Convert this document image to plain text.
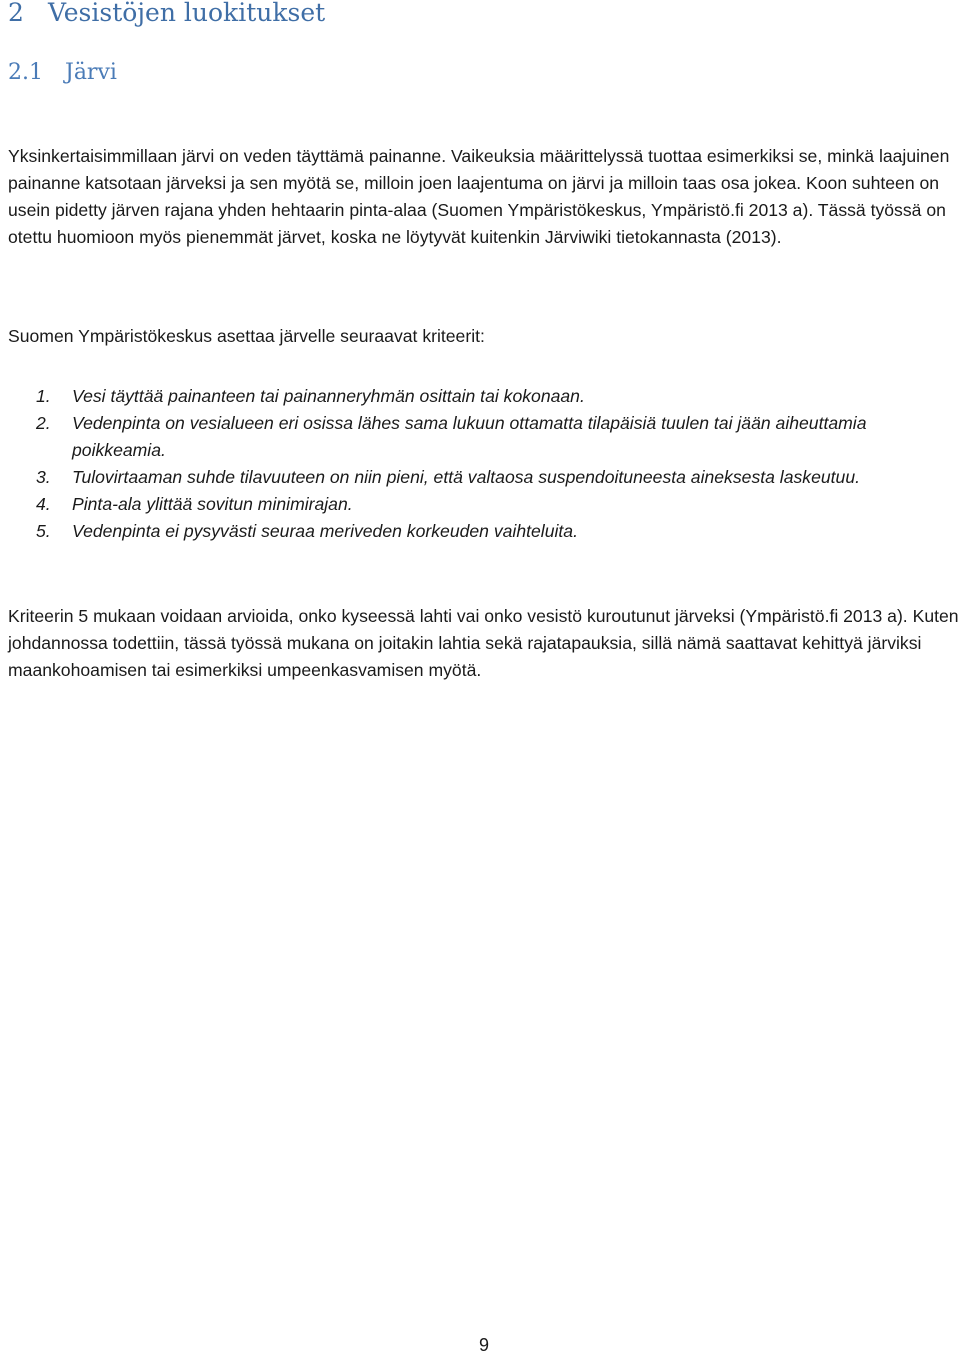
2 Vesistöjen luokitukset
2.1 Järvi

Yksinkertaisimmillaan järvi on veden täyttämä painanne. Vaikeuksia määrittelyssä tuottaa esimerkiksi se, minkä laajuinen painanne katsotaan järveksi ja sen myötä se, milloin joen laajentuma on järvi ja milloin taas osa jokea. Koon suhteen on usein pidetty järven rajana yhden hehtaarin pinta-alaa (Suomen Ympäristökeskus, Ympäristö.fi 2013 a). Tässä työssä on otettu huomioon myös pienemmät järvet, koska ne löytyvät kuitenkin Järviwiki tietokannasta (2013).

Suomen Ympäristökeskus asettaa järvelle seuraavat kriteerit:

1. Vesi täyttää painanteen tai painanneryhmän osittain tai kokonaan.
2. Vedenpinta on vesialueen eri osissa lähes sama lukuun ottamatta tilapäisiä tuulen tai jään aiheuttamia poikkeamia.
3. Tulovirtaaman suhde tilavuuteen on niin pieni, että valtaosa suspendoituneesta aineksesta laskeutuu.
4. Pinta-ala ylittää sovitun minimirajan.
5. Vedenpinta ei pysyvästi seuraa meriveden korkeuden vaihteluita.

Kriteerin 5 mukaan voidaan arvioida, onko kyseessä lahti vai onko vesistö kuroutunut järveksi (Ympäristö.fi 2013 a). Kuten johdannossa todettiin, tässä työssä mukana on joitakin lahtia sekä rajatapauksia, sillä nämä saattavat kehittyä järviksi maankohoamisen tai esimerkiksi umpeenkasvamisen myötä.

9
